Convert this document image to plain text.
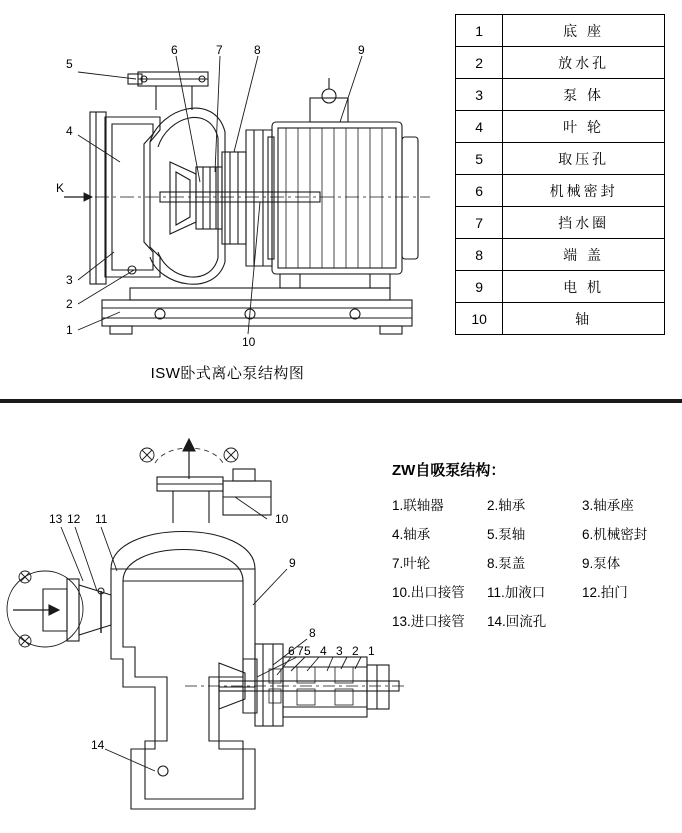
5
4
3
2
1
6	7	8	9
10
K
ISW卧式离心泵结构图
1	底 座
2	放水孔
3	泵 体
4	叶 轮
5	取压孔
6	机械密封
7	挡水圈
8	端 盖
9	电 机
10	轴
13 12 11	10
9
8
7
6 5 4 3 2 1
14
ZW自吸泵结构：
1.联轴器	2.轴承	3.轴承座
4.轴承	5.泵轴	6.机械密封
7.叶轮	8.泵盖	9.泵体
10.出口接管	11.加液口	12.拍门
13.进口接管	14.回流孔
